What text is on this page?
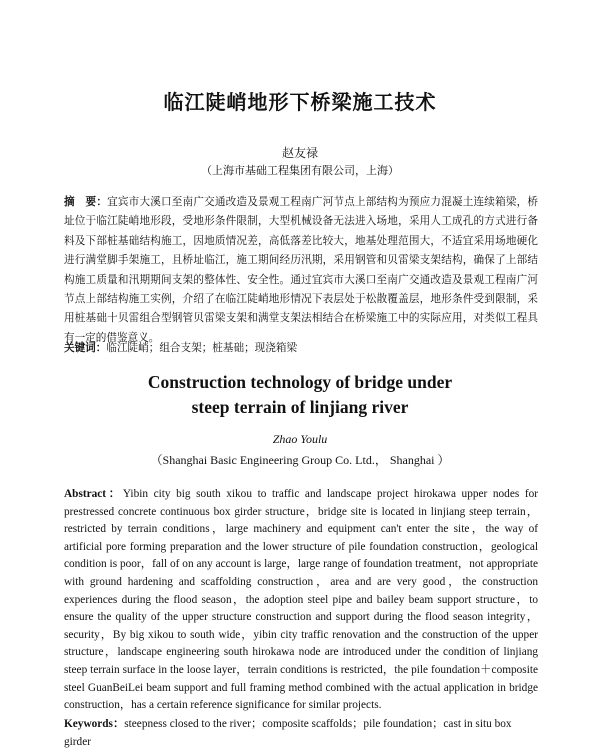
临江陡峭地形下桥梁施工技术
赵友禄
（上海市基础工程集团有限公司，上海）
摘　要：宜宾市大溪口至南广交通改造及景观工程南广河节点上部结构为预应力混凝土连续箱梁，桥址位于临江陡峭地形段，受地形条件限制，大型机械设备无法进入场地，采用人工成孔的方式进行备料及下部桩基础结构施工，因地质情况差，高低落差比较大，地基处理范围大，不适宜采用场地硬化进行满堂脚手架施工，且桥址临江，施工期间经历汛期，采用钢管和贝雷梁支架结构，确保了上部结构施工质量和汛期期间支架的整体性、安全性。通过宜宾市大溪口至南广交通改造及景观工程南广河节点上部结构施工实例，介绍了在临江陡峭地形情况下表层处于松散覆盖层，地形条件受到限制，采用桩基础十贝雷组合型钢管贝雷梁支架和满堂支架法相结合在桥梁施工中的实际应用，对类似工程具有一定的借鉴意义。
关键词：临江陡峭；组合支架；桩基础；现浇箱梁
Construction technology of bridge under
steep terrain of linjiang river
Zhao Youlu
（Shanghai Basic Engineering Group Co. Ltd.， Shanghai ）
Abstract：Yibin city big south xikou to traffic and landscape project hirokawa upper nodes for prestressed concrete continuous box girder structure，bridge site is located in linjiang steep terrain，restricted by terrain conditions，large machinery and equipment can't enter the site，the way of artificial pore forming preparation and the lower structure of pile foundation construction，geological condition is poor，fall of on any account is large，large range of foundation treatment，not appropriate with ground hardening and scaffolding construction，area and are very good，the construction experiences during the flood season，the adoption steel pipe and bailey beam support structure，to ensure the quality of the upper structure construction and support during the flood season integrity，security，By big xikou to south wide，yibin city traffic renovation and the construction of the upper structure，landscape engineering south hirokawa node are introduced under the condition of linjiang steep terrain surface in the loose layer，terrain conditions is restricted，the pile foundation＋composite steel GuanBeiLei beam support and full framing method combined with the actual application in bridge construction，has a certain reference significance for similar projects.
Keywords：steepness closed to the river；composite scaffolds；pile foundation；cast in situ box girder
